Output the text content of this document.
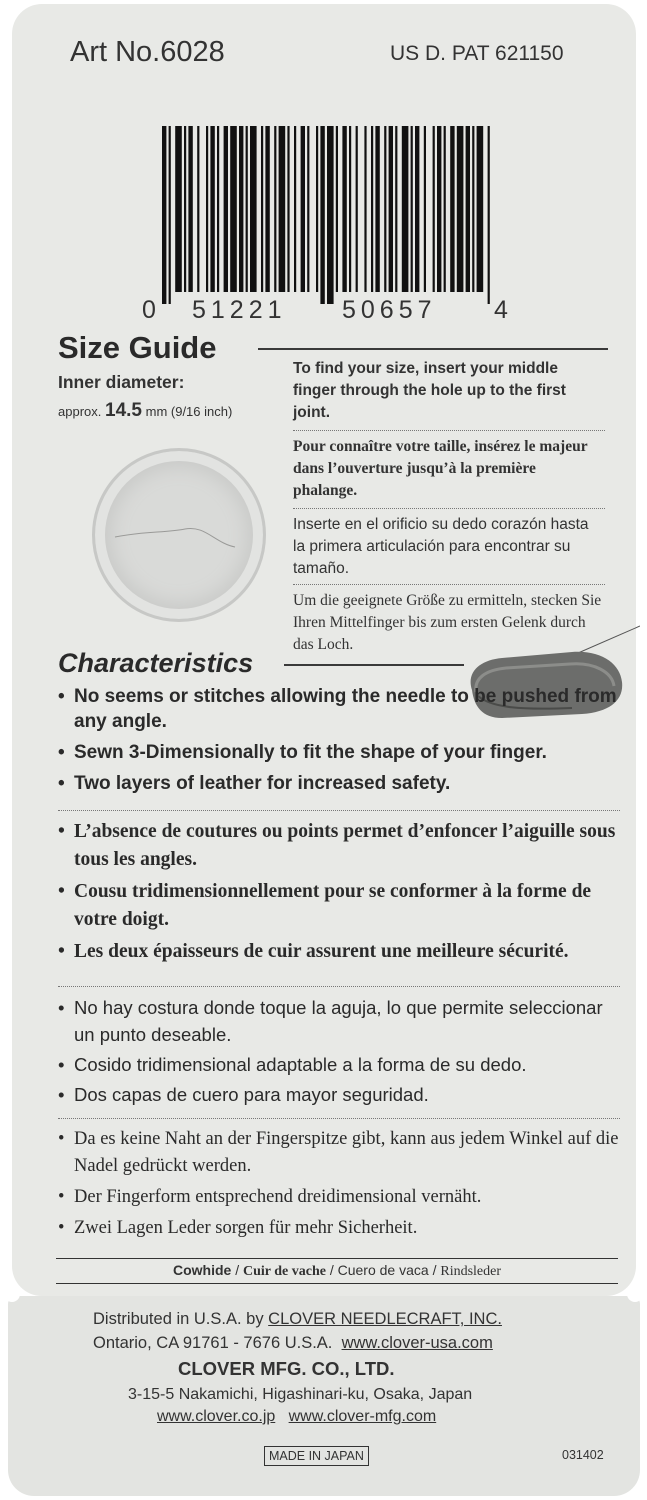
Art No.6028	US D. PAT 621150
0 51221 50657 4
Size Guide
Inner diameter:
approx. 14.5 mm (9/16 inch)
To find your size, insert your middle finger through the hole up to the first joint.
Pour connaître votre taille, insérez le majeur dans l’ouverture jusqu’à la première phalange.
Inserte en el orificio su dedo corazón hasta la primera articulación para encontrar su tamaño.
Um die geeignete Größe zu ermitteln, stecken Sie Ihren Mittelfinger bis zum ersten Gelenk durch das Loch.
Characteristics
• No seems or stitches allowing the needle to be pushed from any angle.
• Sewn 3-Dimensionally to fit the shape of your finger.
• Two layers of leather for increased safety.
• L’absence de coutures ou points permet d’enfoncer l’aiguille sous tous les angles.
• Cousu tridimensionnellement pour se conformer à la forme de votre doigt.
• Les deux épaisseurs de cuir assurent une meilleure sécurité.
• No hay costura donde toque la aguja, lo que permite seleccionar un punto deseable.
• Cosido tridimensional adaptable a la forma de su dedo.
• Dos capas de cuero para mayor seguridad.
• Da es keine Naht an der Fingerspitze gibt, kann aus jedem Winkel auf die Nadel gedrückt werden.
• Der Fingerform entsprechend dreidimensional vernäht.
• Zwei Lagen Leder sorgen für mehr Sicherheit.
Cowhide / Cuir de vache / Cuero de vaca / Rindsleder
Distributed in U.S.A. by CLOVER NEEDLECRAFT, INC.
Ontario, CA 91761 - 7676 U.S.A. www.clover-usa.com
CLOVER MFG. CO., LTD.
3-15-5 Nakamichi, Higashinari-ku, Osaka, Japan
www.clover.co.jp www.clover-mfg.com
MADE IN JAPAN	031402
